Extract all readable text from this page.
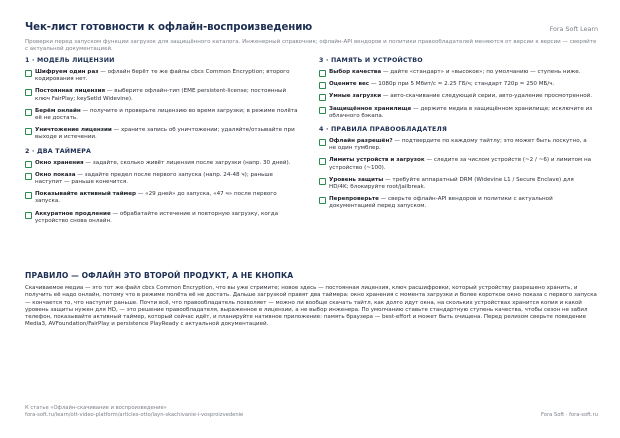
Чек-лист готовности к офлайн-воспроизведению	Fora Soft Learn
Проверки перед запуском функции загрузок для защищённого каталога. Инженерный справочник; офлайн-API вендоров и политики правообладателей меняются от версии к версии — сверяйте с актуальной документацией.
1 · МОДЕЛЬ ЛИЦЕНЗИИ
Шифруем один раз — офлайн берёт те же файлы cbcs Common Encryption; второго кодирования нет.
Постоянная лицензия — выберите офлайн-тип (EME persistent-license; постоянный ключ FairPlay; keySetId Widevine).
Берём онлайн — получите и проверьте лицензию во время загрузки; в режиме полёта её не достать.
Уничтожение лицензии — храните запись об уничтожении; удаляйте/отзывайте при выходе и истечении.
2 · ДВА ТАЙМЕРА
Окно хранения — задайте, сколько живёт лицензия после загрузки (напр. 30 дней).
Окно показа — задайте предел после первого запуска (напр. 24-48 ч); раньше наступит — раньше конечится.
Показывайте активный таймер — «29 дней» до запуска, «47 ч» после первого запуска.
Аккуратное продление — обрабатайте истечение и повторную загрузку, когда устройство снова онлайн.
3 · ПАМЯТЬ И УСТРОЙСТВО
Выбор качества — дайте «стандарт» и «высокое»; по умолчанию — ступень ниже.
Оцените вес — 1080p при 5 Мбит/с ≈ 2.25 ГБ/ч; стандарт 720p ≈ 250 МБ/ч.
Умные загрузки — авто-скачивание следующей серии, авто-удаление просмотренной.
Защищённое хранилище — держите медиа в защищённом хранилище; исключите из облачного бэкапа.
4 · ПРАВИЛА ПРАВООБЛАДАТЕЛЯ
Офлайн разрешён? — подтвердите по каждому тайтлу; это может быть лоскутно, а не один тумблер.
Лимиты устройств и загрузок — следите за числом устройств (~2 / ~6) и лимитом на устройство (~100).
Уровень защиты — требуйте аппаратный DRM (Widevine L1 / Secure Enclave) для HD/4K; блокируйте root/jailbreak.
Перепроверьте — сверьте офлайн-API вендоров и политики с актуальной документацией перед запуском.
ПРАВИЛО — ОФЛАЙН ЭТО ВТОРОЙ ПРОДУКТ, А НЕ КНОПКА
Скачиваемое медиа — это тот же файл cbcs Common Encryption, что вы уже стримите; новое здесь — постоянная лицензия, ключ расшифровки, который устройству разрешено хранить, и получить её надо онлайн, потому что в режиме полёта её не достать. Дальше загрузкой правят два таймера: окно хранения с момента загрузки и более короткое окно показа с первого запуска — кончается то, что наступит раньше. Почти всё, что правообладатель позволяет — можно ли вообще скачать тайтл, как долго идут окна, на скольких устройствах хранится копия и какой уровень защиты нужен для HD, — это решение правообладателя, выраженное в лицензии, а не выбор инженера. По умолчанию ставьте стандартную ступень качества, чтобы сезон не забил телефон, показывайте активный таймер, который сейчас идёт, и планируйте нативное приложение: память браузера — best-effort и может быть очищена. Перед релизом сверьте поведение Media3, AVFoundation/FairPlay и persistence PlayReady с актуальной документацией.
К статье «Офлайн-скачивание и воспроизведение»
fora-soft.ru/learn/ott-video-platform/articles-otto/layn-skachivanie-i-vosproizvedenie	Fora Soft · fora-soft.ru
